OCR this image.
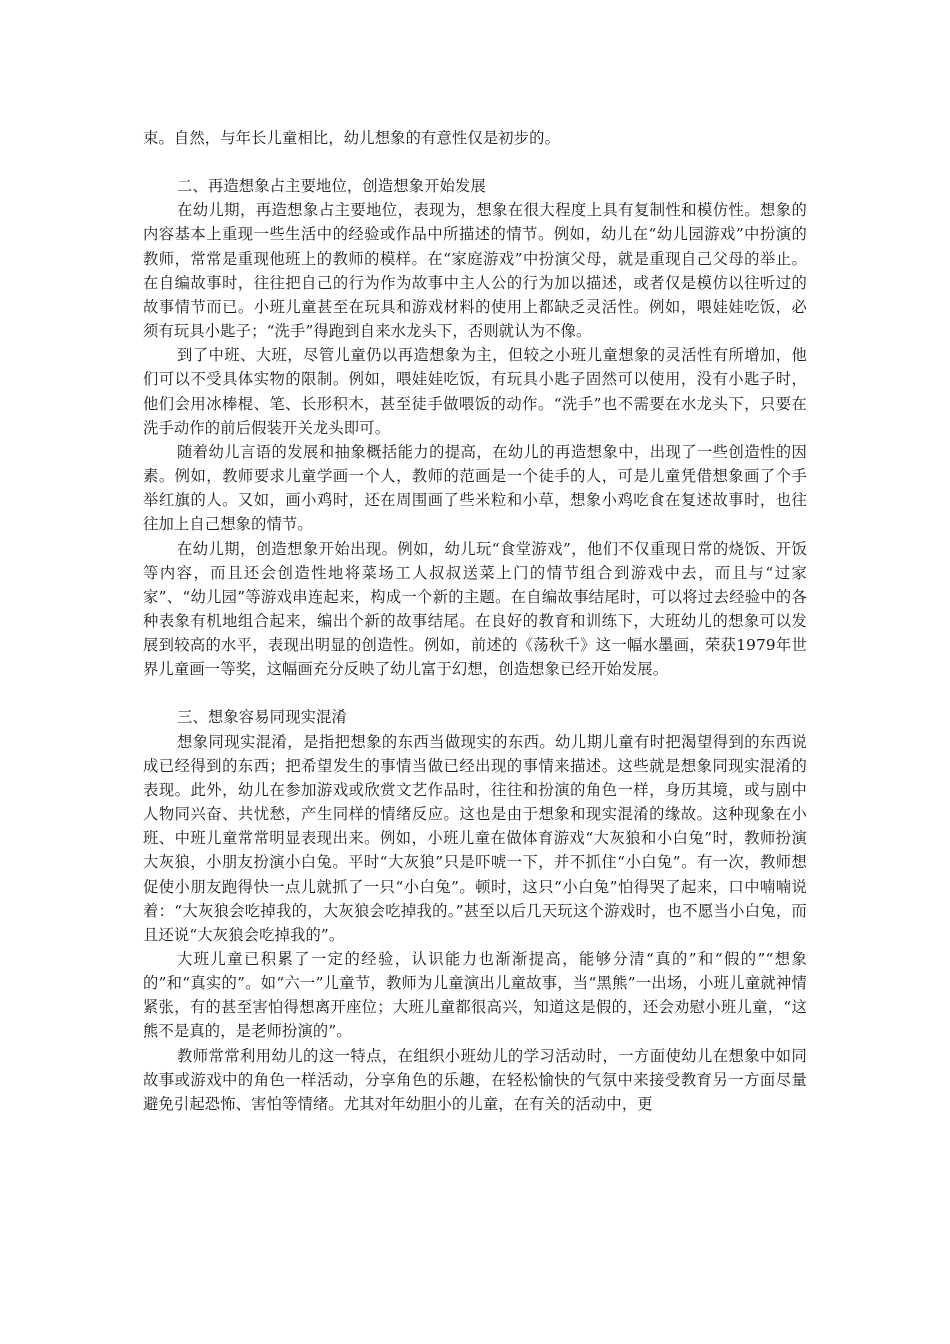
束。自然，与年长儿童相比，幼儿想象的有意性仅是初步的。

二、再造想象占主要地位，创造想象开始发展

在幼儿期，再造想象占主要地位，表现为，想象在很大程度上具有复制性和模仿性。想象的内容基本上重现一些生活中的经验或作品中所描述的情节。例如，幼儿在“幼儿园游戏”中扮演的教师，常常是重现他班上的教师的模样。在“家庭游戏”中扮演父母，就是重现自己父母的举止。在自编故事时，往往把自己的行为作为故事中主人公的行为加以描述，或者仅是模仿以往听过的故事情节而已。小班儿童甚至在玩具和游戏材料的使用上都缺乏灵活性。例如，喂娃娃吃饭，必须有玩具小匙子；“洗手”得跑到自来水龙头下，否则就认为不像。

到了中班、大班，尽管儿童仍以再造想象为主，但较之小班儿童想象的灵活性有所增加，他们可以不受具体实物的限制。例如，喂娃娃吃饭，有玩具小匙子固然可以使用，没有小匙子时，他们会用冰棒棍、笔、长形积木，甚至徒手做喂饭的动作。“洗手”也不需要在水龙头下，只要在洗手动作的前后假装开关龙头即可。

随着幼儿言语的发展和抽象概括能力的提高，在幼儿的再造想象中，出现了一些创造性的因素。例如，教师要求儿童学画一个人，教师的范画是一个徒手的人，可是儿童凭借想象画了个手举红旗的人。又如，画小鸡时，还在周围画了些米粒和小草，想象小鸡吃食在复述故事时，也往往加上自己想象的情节。

在幼儿期，创造想象开始出现。例如，幼儿玩“食堂游戏”，他们不仅重现日常的烧饭、开饭等内容，而且还会创造性地将菜场工人叔叔送菜上门的情节组合到游戏中去，而且与“过家家”、“幼儿园”等游戏串连起来，构成一个新的主题。在自编故事结尾时，可以将过去经验中的各种表象有机地组合起来，编出个新的故事结尾。在良好的教育和训练下，大班幼儿的想象可以发展到较高的水平，表现出明显的创造性。例如，前述的《荡秋千》这一幅水墨画，荣获1979年世界儿童画一等奖，这幅画充分反映了幼儿富于幻想，创造想象已经开始发展。

三、想象容易同现实混淆

想象同现实混淆，是指把想象的东西当做现实的东西。幼儿期儿童有时把渴望得到的东西说成已经得到的东西；把希望发生的事情当做已经出现的事情来描述。这些就是想象同现实混淆的表现。此外，幼儿在参加游戏或欣赏文艺作品时，往往和扮演的角色一样，身历其境，或与剧中人物同兴奋、共忧愁，产生同样的情绪反应。这也是由于想象和现实混淆的缘故。这种现象在小班、中班儿童常常明显表现出来。例如，小班儿童在做体育游戏“大灰狼和小白兔”时，教师扮演大灰狼，小朋友扮演小白兔。平时“大灰狼”只是吓唬一下，并不抓住“小白兔”。有一次，教师想促使小朋友跑得快一点儿就抓了一只“小白兔”。顿时，这只“小白兔”怕得哭了起来，口中喃喃说着：“大灰狼会吃掉我的，大灰狼会吃掉我的。”甚至以后几天玩这个游戏时，也不愿当小白兔，而且还说“大灰狼会吃掉我的”。

大班儿童已积累了一定的经验，认识能力也渐渐提高，能够分清“真的”和“假的”“想象的”和“真实的”。如“六一”儿童节，教师为儿童演出儿童故事，当“黑熊”一出场，小班儿童就神情紧张，有的甚至害怕得想离开座位；大班儿童都很高兴，知道这是假的，还会劝慰小班儿童，“这熊不是真的，是老师扮演的”。

教师常常利用幼儿的这一特点，在组织小班幼儿的学习活动时，一方面使幼儿在想象中如同故事或游戏中的角色一样活动，分享角色的乐趣，在轻松愉快的气氛中来接受教育另一方面尽量避免引起恐怖、害怕等情绪。尤其对年幼胆小的儿童，在有关的活动中，更
